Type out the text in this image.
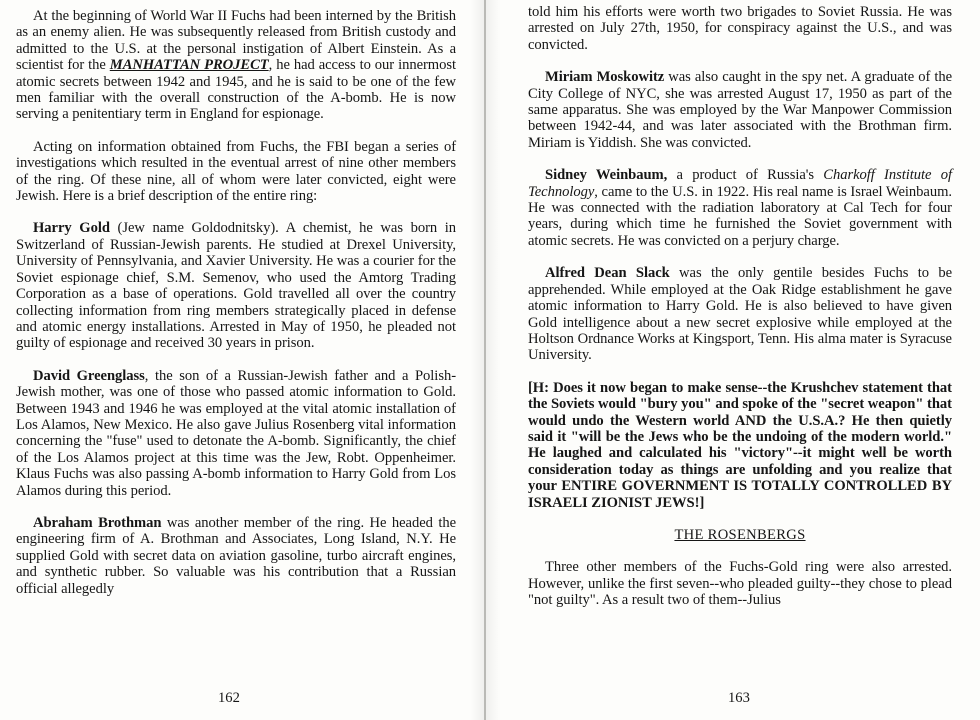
At the beginning of World War II Fuchs had been interned by the British as an enemy alien. He was subsequently released from British custody and admitted to the U.S. at the personal instigation of Albert Einstein. As a scientist for the MANHATTAN PROJECT, he had access to our innermost atomic secrets between 1942 and 1945, and he is said to be one of the few men familiar with the overall construction of the A-bomb. He is now serving a penitentiary term in England for espionage.

Acting on information obtained from Fuchs, the FBI began a series of investigations which resulted in the eventual arrest of nine other members of the ring. Of these nine, all of whom were later convicted, eight were Jewish. Here is a brief description of the entire ring:

Harry Gold (Jew name Goldodnitsky). A chemist, he was born in Switzerland of Russian-Jewish parents. He studied at Drexel University, University of Pennsylvania, and Xavier University. He was a courier for the Soviet espionage chief, S.M. Semenov, who used the Amtorg Trading Corporation as a base of operations. Gold travelled all over the country collecting information from ring members strategically placed in defense and atomic energy installations. Arrested in May of 1950, he pleaded not guilty of espionage and received 30 years in prison.

David Greenglass, the son of a Russian-Jewish father and a Polish-Jewish mother, was one of those who passed atomic information to Gold. Between 1943 and 1946 he was employed at the vital atomic installation of Los Alamos, New Mexico. He also gave Julius Rosenberg vital information concerning the "fuse" used to detonate the A-bomb. Significantly, the chief of the Los Alamos project at this time was the Jew, Robt. Oppenheimer. Klaus Fuchs was also passing A-bomb information to Harry Gold from Los Alamos during this period.

Abraham Brothman was another member of the ring. He headed the engineering firm of A. Brothman and Associates, Long Island, N.Y. He supplied Gold with secret data on aviation gasoline, turbo aircraft engines, and synthetic rubber. So valuable was his contribution that a Russian official allegedly

162

told him his efforts were worth two brigades to Soviet Russia. He was arrested on July 27th, 1950, for conspiracy against the U.S., and was convicted.

Miriam Moskowitz was also caught in the spy net. A graduate of the City College of NYC, she was arrested August 17, 1950 as part of the same apparatus. She was employed by the War Manpower Commission between 1942-44, and was later associated with the Brothman firm. Miriam is Yiddish. She was convicted.

Sidney Weinbaum, a product of Russia's Charkoff Institute of Technology, came to the U.S. in 1922. His real name is Israel Weinbaum. He was connected with the radiation laboratory at Cal Tech for four years, during which time he furnished the Soviet government with atomic secrets. He was convicted on a perjury charge.

Alfred Dean Slack was the only gentile besides Fuchs to be apprehended. While employed at the Oak Ridge establishment he gave atomic information to Harry Gold. He is also believed to have given Gold intelligence about a new secret explosive while employed at the Holtson Ordnance Works at Kingsport, Tenn. His alma mater is Syracuse University.

[H: Does it now began to make sense--the Krushchev statement that the Soviets would "bury you" and spoke of the "secret weapon" that would undo the Western world AND the U.S.A.? He then quietly said it "will be the Jews who be the undoing of the modern world." He laughed and calculated his "victory"--it might well be worth consideration today as things are unfolding and you realize that your ENTIRE GOVERNMENT IS TOTALLY CONTROLLED BY ISRAELI ZIONIST JEWS!]

THE ROSENBERGS

Three other members of the Fuchs-Gold ring were also arrested. However, unlike the first seven--who pleaded guilty--they chose to plead "not guilty". As a result two of them--Julius

163
